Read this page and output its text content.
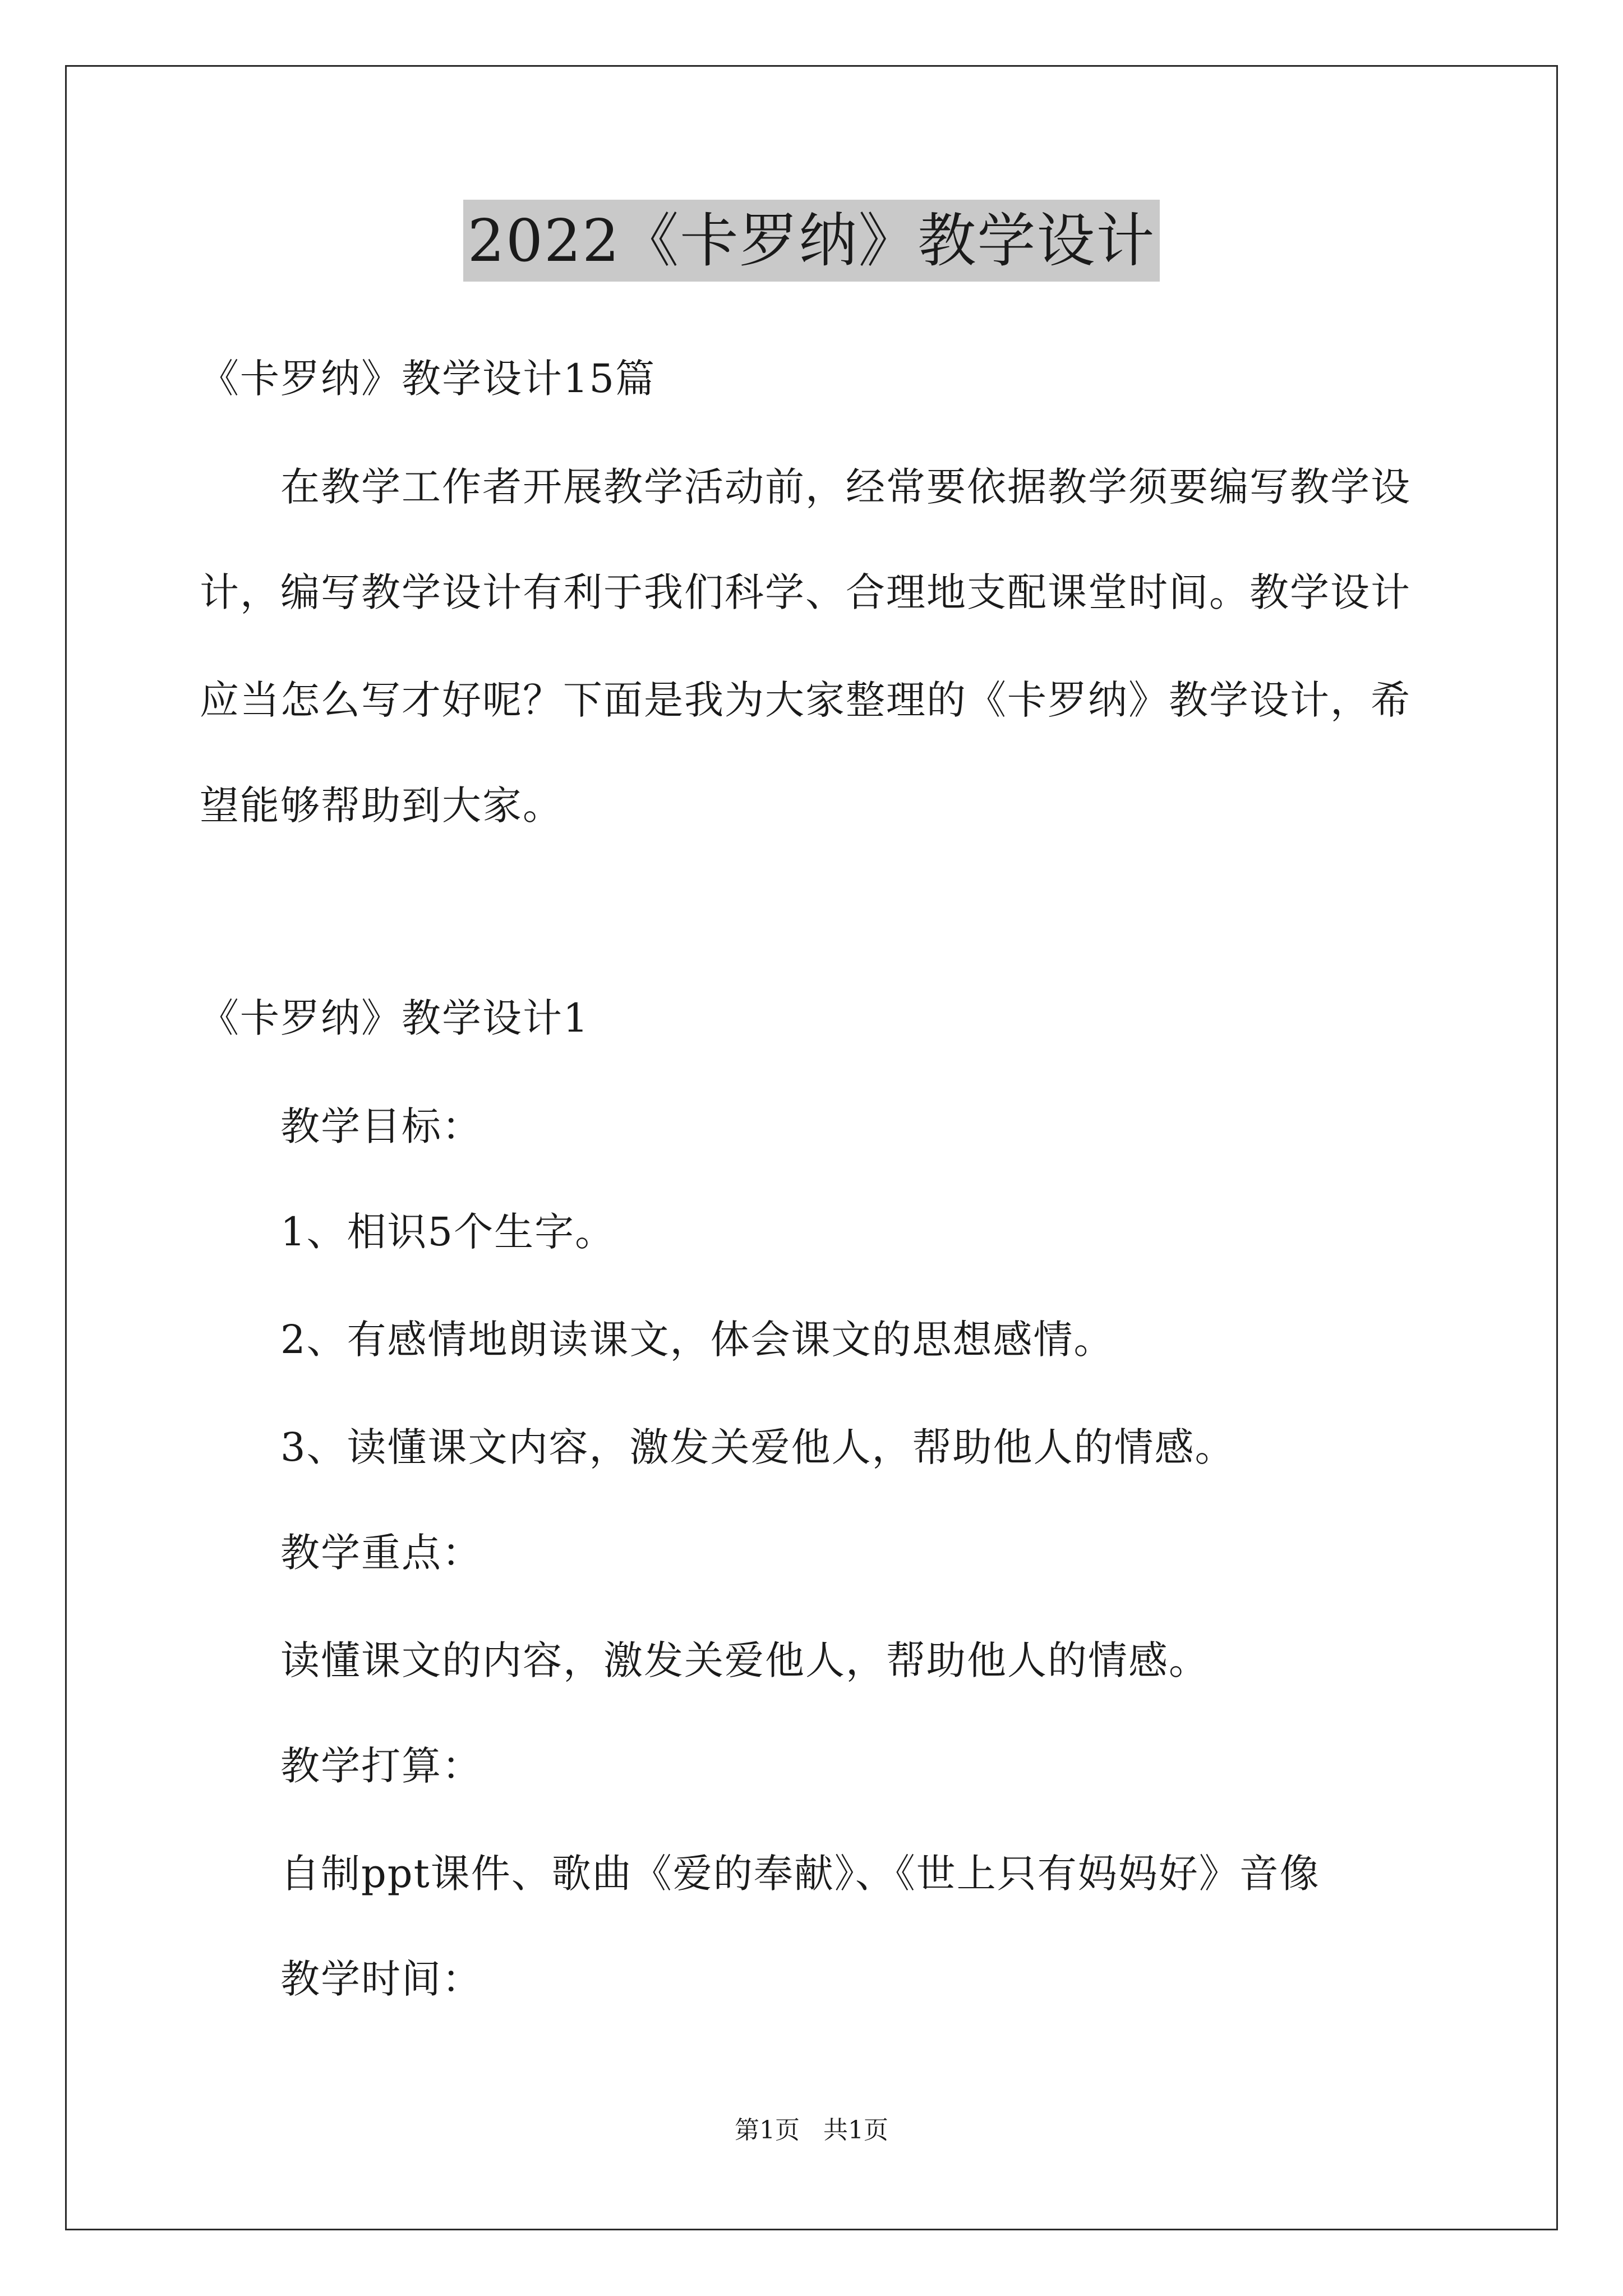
2022《卡罗纳》教学设计
《卡罗纳》教学设计15篇
在教学工作者开展教学活动前，经常要依据教学须要编写教学设
计，编写教学设计有利于我们科学、合理地支配课堂时间。教学设计
应当怎么写才好呢？下面是我为大家整理的《卡罗纳》教学设计，希
望能够帮助到大家。
《卡罗纳》教学设计1
教学目标：
1、相识5个生字。
2、有感情地朗读课文，体会课文的思想感情。
3、读懂课文内容，激发关爱他人，帮助他人的情感。
教学重点：
读懂课文的内容，激发关爱他人，帮助他人的情感。
教学打算：
自制ppt课件、歌曲《爱的奉献》、《世上只有妈妈好》音像
教学时间：
第1页   共1页
